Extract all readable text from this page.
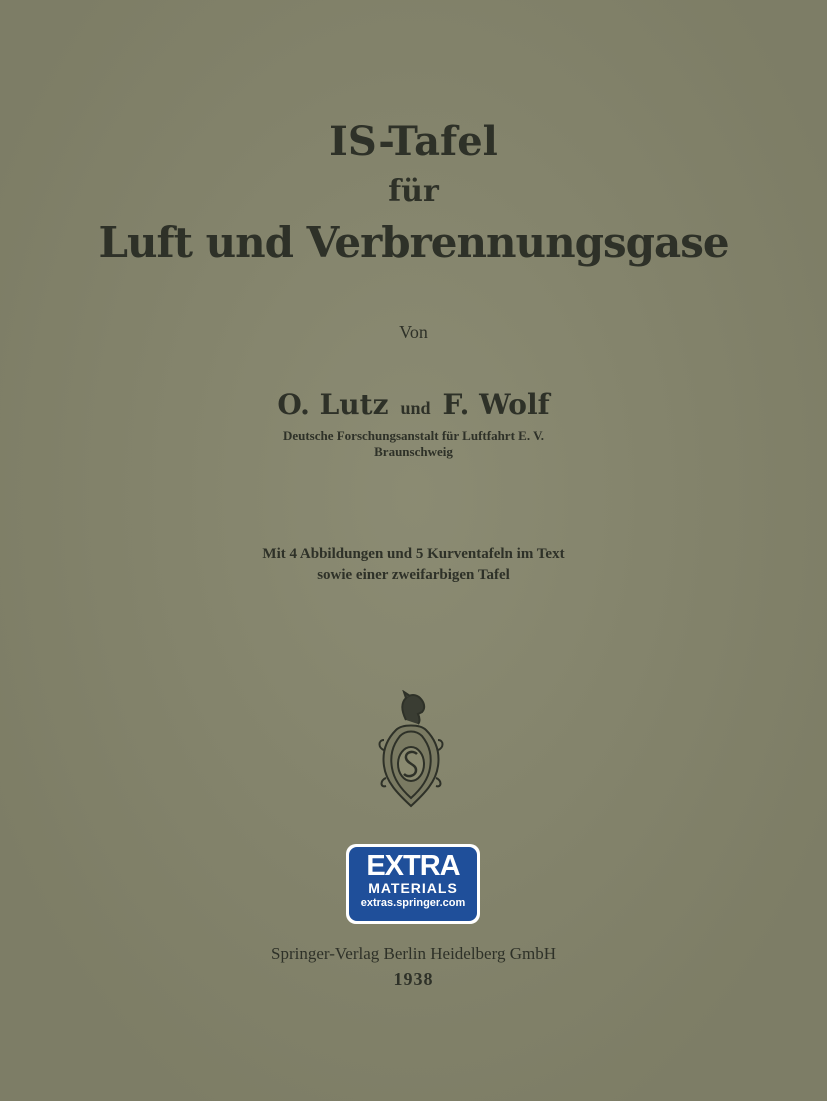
IS-Tafel
für
Luft und Verbrennungsgase
Von
O. Lutz und F. Wolf
Deutsche Forschungsanstalt für Luftfahrt E. V.
Braunschweig
Mit 4 Abbildungen und 5 Kurventafeln im Text
sowie einer zweifarbigen Tafel
EXTRA
MATERIALS
extras.springer.com
Springer-Verlag Berlin Heidelberg GmbH
1938
